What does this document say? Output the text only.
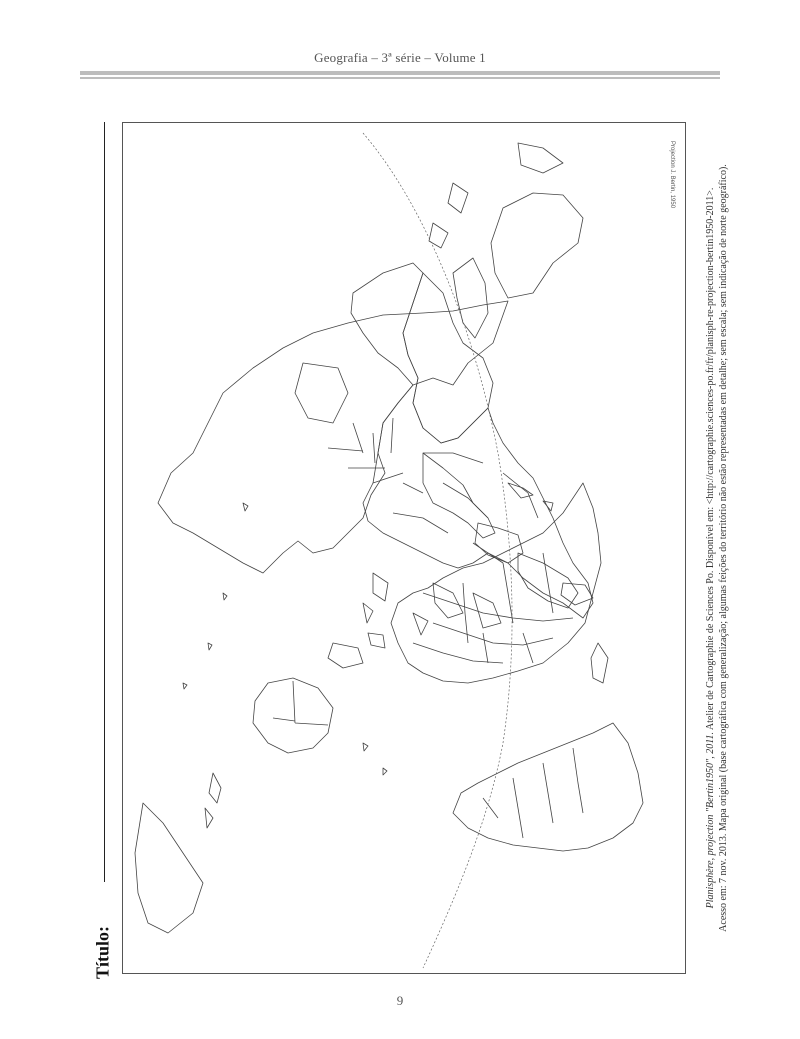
Geografia – 3ª série – Volume 1
Título:
Projection J. Bertin, 1950
Planisphère, projection "Bertin1950", 2011. Atelier de Cartographie de Sciences Po. Disponível em: <http://cartographie.sciences-po.fr/fr/planisph-re-projection-bertin1950-2011>. Acesso em: 7 nov. 2013. Mapa original (base cartográfica com generalização; algumas feições do território não estão representadas em detalhe; sem escala; sem indicação de norte geográfico).
9
